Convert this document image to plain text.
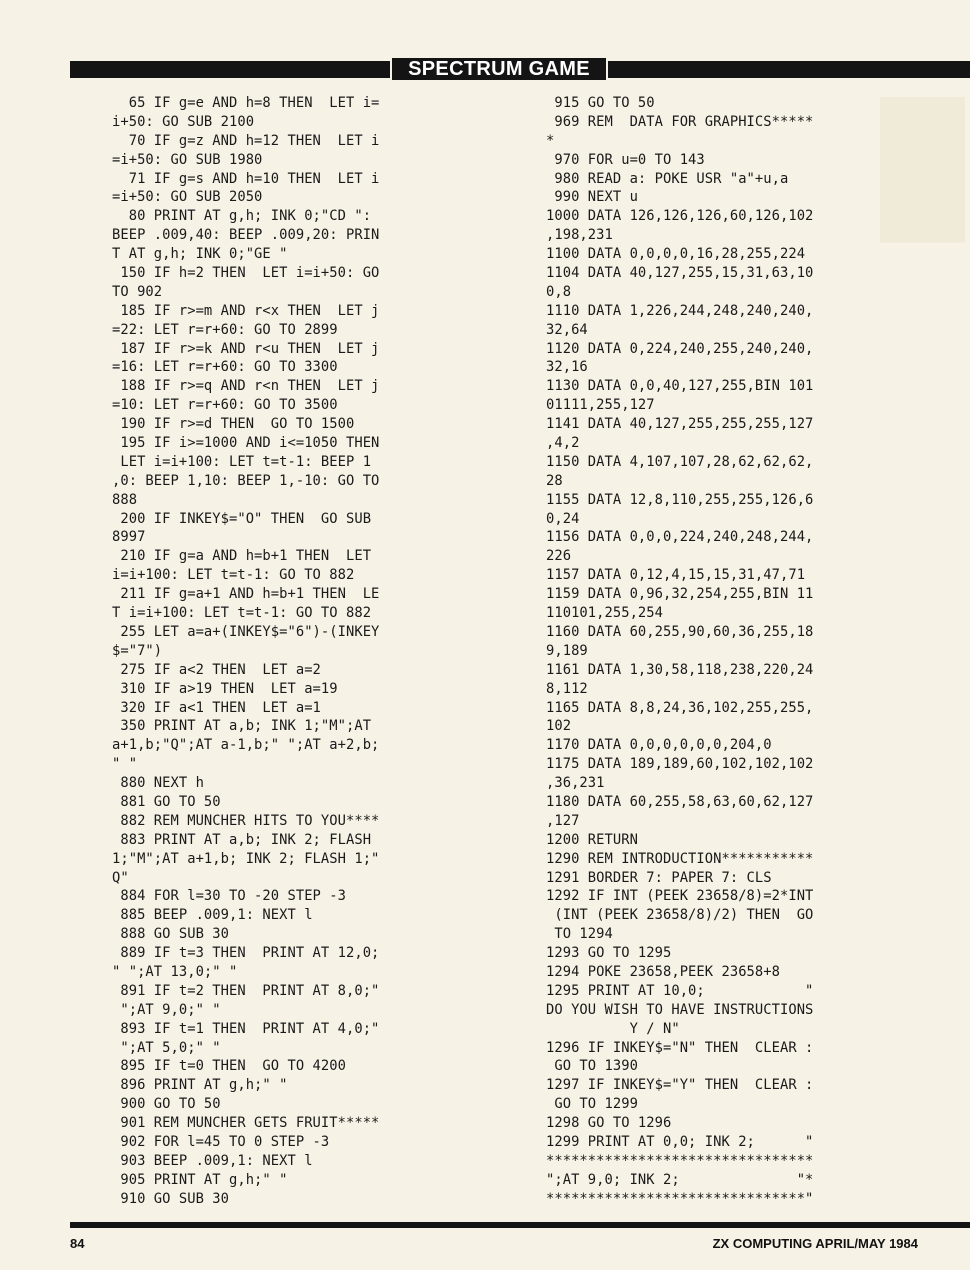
█
SPECTRUM GAME
65 IF g=e AND h=8 THEN  LET i=
i+50: GO SUB 2100
70 IF g=z AND h=12 THEN  LET i
=i+50: GO SUB 1980
71 IF g=s AND h=10 THEN  LET i
=i+50: GO SUB 2050
80 PRINT AT g,h; INK 0;"CD ":
BEEP .009,40: BEEP .009,20: PRIN
T AT g,h; INK 0;"GE "
150 IF h=2 THEN  LET i=i+50: GO
TO 902
185 IF r>=m AND r<x THEN  LET j
=22: LET r=r+60: GO TO 2899
187 IF r>=k AND r<u THEN  LET j
=16: LET r=r+60: GO TO 3300
188 IF r>=q AND r<n THEN  LET j
=10: LET r=r+60: GO TO 3500
190 IF r>=d THEN  GO TO 1500
195 IF i>=1000 AND i<=1050 THEN
LET i=i+100: LET t=t-1: BEEP 1
,0: BEEP 1,10: BEEP 1,-10: GO TO
888
200 IF INKEY$="O" THEN  GO SUB
8997
210 IF g=a AND h=b+1 THEN  LET
i=i+100: LET t=t-1: GO TO 882
211 IF g=a+1 AND h=b+1 THEN  LE
T i=i+100: LET t=t-1: GO TO 882
255 LET a=a+(INKEY$="6")-(INKEY
$="7")
275 IF a<2 THEN  LET a=2
310 IF a>19 THEN  LET a=19
320 IF a<1 THEN  LET a=1
350 PRINT AT a,b; INK 1;"M";AT
a+1,b;"Q";AT a-1,b;" ";AT a+2,b;
" "
880 NEXT h
881 GO TO 50
882 REM MUNCHER HITS TO YOU****
883 PRINT AT a,b; INK 2; FLASH
1;"M";AT a+1,b; INK 2; FLASH 1;"
Q"
884 FOR l=30 TO -20 STEP -3
885 BEEP .009,1: NEXT l
888 GO SUB 30
889 IF t=3 THEN  PRINT AT 12,0;
" ";AT 13,0;" "
891 IF t=2 THEN  PRINT AT 8,0;"
";AT 9,0;" "
893 IF t=1 THEN  PRINT AT 4,0;"
";AT 5,0;" "
895 IF t=0 THEN  GO TO 4200
896 PRINT AT g,h;" "
900 GO TO 50
901 REM MUNCHER GETS FRUIT*****
902 FOR l=45 TO 0 STEP -3
903 BEEP .009,1: NEXT l
905 PRINT AT g,h;" "
910 GO SUB 30
915 GO TO 50
969 REM  DATA FOR GRAPHICS*****
*
970 FOR u=0 TO 143
980 READ a: POKE USR "a"+u,a
990 NEXT u
1000 DATA 126,126,126,60,126,102
,198,231
1100 DATA 0,0,0,0,16,28,255,224
1104 DATA 40,127,255,15,31,63,10
0,8
1110 DATA 1,226,244,248,240,240,
32,64
1120 DATA 0,224,240,255,240,240,
32,16
1130 DATA 0,0,40,127,255,BIN 101
01111,255,127
1141 DATA 40,127,255,255,255,127
,4,2
1150 DATA 4,107,107,28,62,62,62,
28
1155 DATA 12,8,110,255,255,126,6
0,24
1156 DATA 0,0,0,224,240,248,244,
226
1157 DATA 0,12,4,15,15,31,47,71
1159 DATA 0,96,32,254,255,BIN 11
110101,255,254
1160 DATA 60,255,90,60,36,255,18
9,189
1161 DATA 1,30,58,118,238,220,24
8,112
1165 DATA 8,8,24,36,102,255,255,
102
1170 DATA 0,0,0,0,0,0,204,0
1175 DATA 189,189,60,102,102,102
,36,231
1180 DATA 60,255,58,63,60,62,127
,127
1200 RETURN
1290 REM INTRODUCTION***********
1291 BORDER 7: PAPER 7: CLS
1292 IF INT (PEEK 23658/8)=2*INT
(INT (PEEK 23658/8)/2) THEN  GO
TO 1294
1293 GO TO 1295
1294 POKE 23658,PEEK 23658+8
1295 PRINT AT 10,0;            "
DO YOU WISH TO HAVE INSTRUCTIONS
Y / N"
1296 IF INKEY$="N" THEN  CLEAR :
GO TO 1390
1297 IF INKEY$="Y" THEN  CLEAR :
GO TO 1299
1298 GO TO 1296
1299 PRINT AT 0,0; INK 2;      "
********************************
";AT 9,0; INK 2;              "*
*******************************"
84	ZX COMPUTING APRIL/MAY 1984
